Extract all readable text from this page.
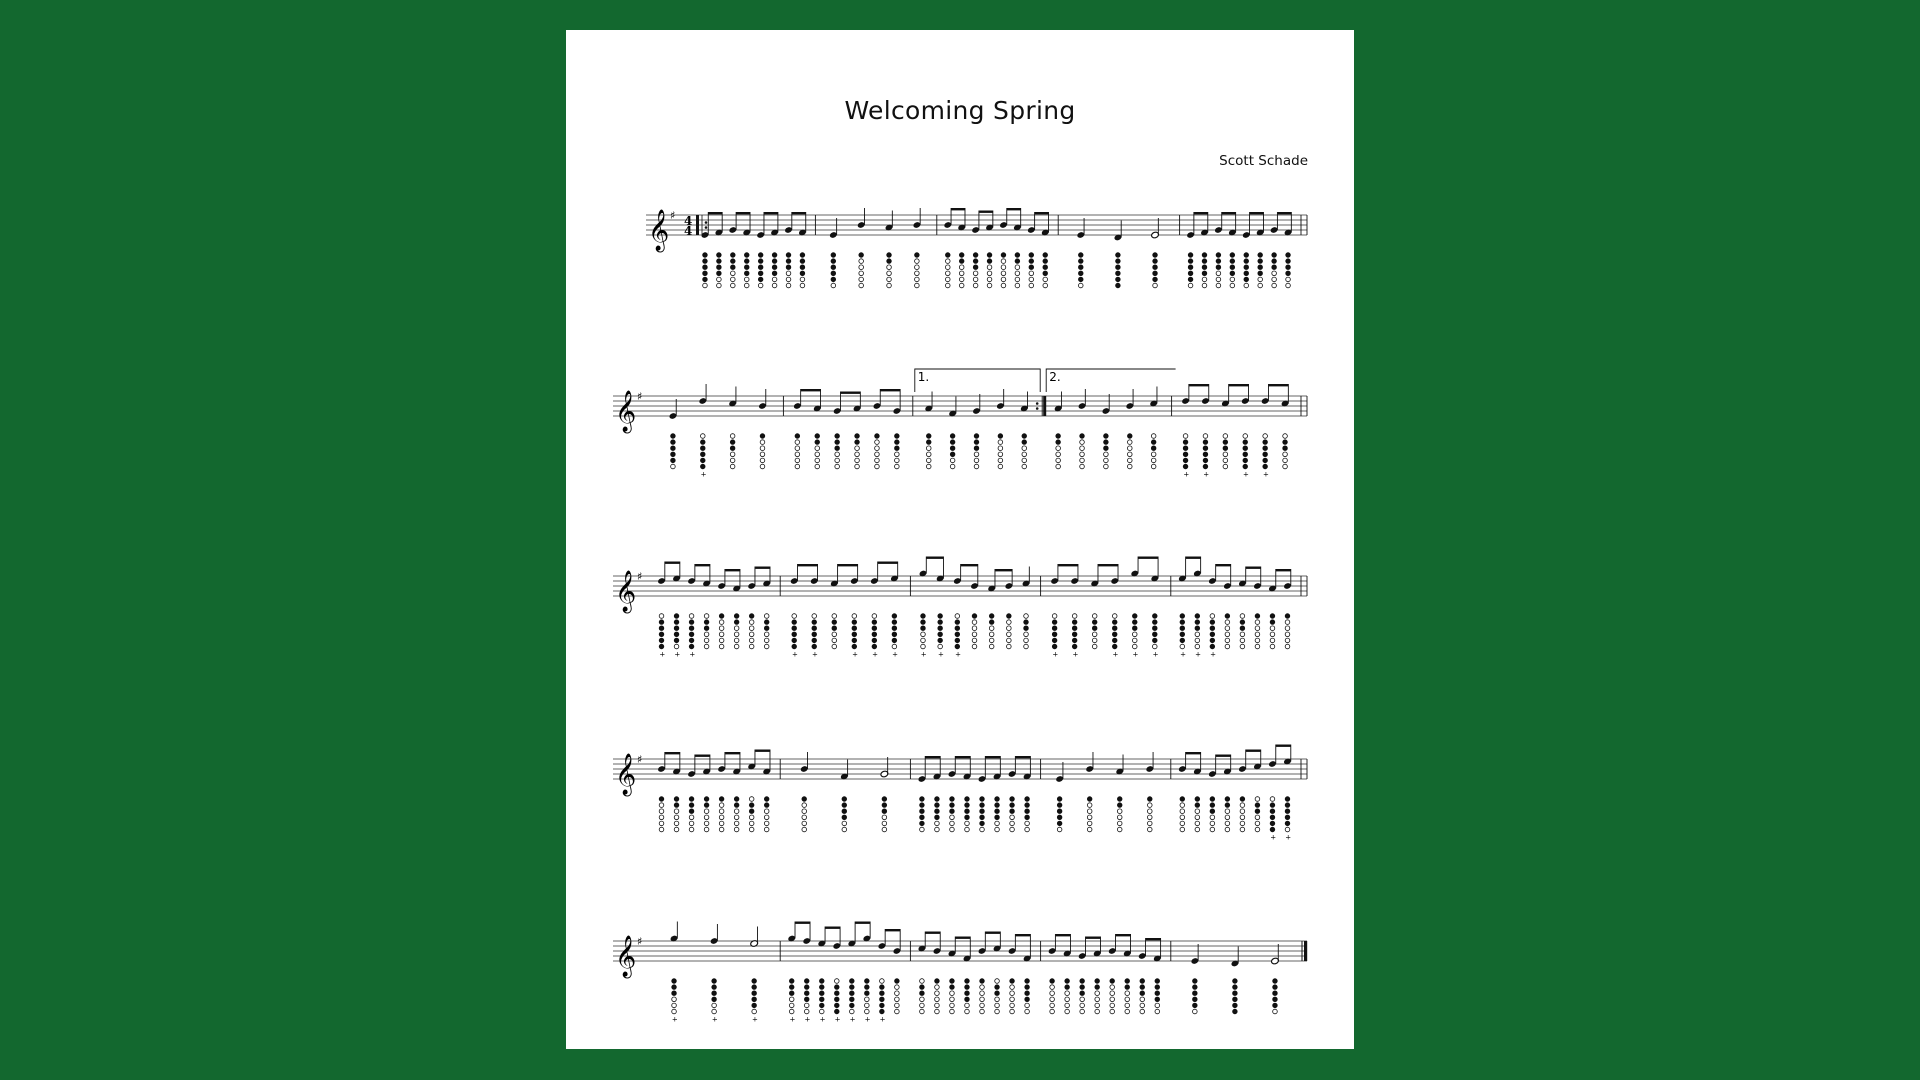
Welcoming Spring
Scott Schade
𝄞 ♯ 4
4
𝄞 ♯
+	+ +	+ +
1.	2.
𝄞 ♯
+ + +	+ +	+ + +	+ + +	+ +	+ + +	+ + +
𝄞 ♯
+ +
𝄞 ♯
+	+	+	+ + + + + + +
